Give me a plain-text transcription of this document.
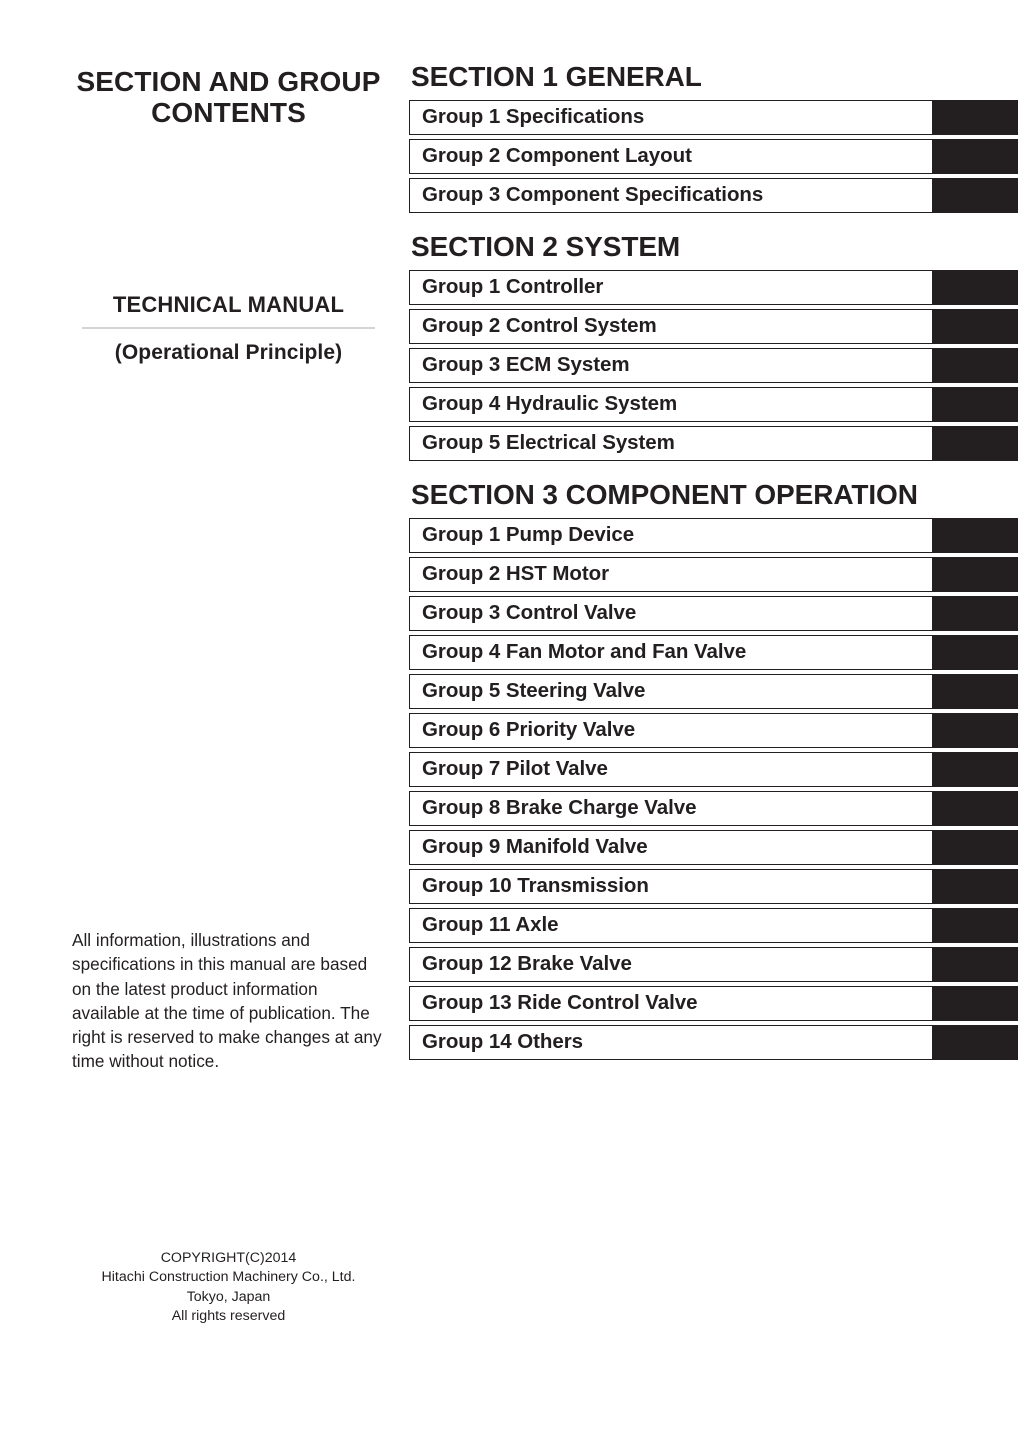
SECTION AND GROUP
CONTENTS
TECHNICAL MANUAL
(Operational Principle)
All information, illustrations and specifications in this manual are based on the latest product information available at the time of publication. The right is reserved to make changes at any time without notice.
COPYRIGHT(C)2014
Hitachi Construction Machinery Co., Ltd.
Tokyo, Japan
All rights reserved
SECTION 1 GENERAL
Group 1 Specifications
Group 2 Component Layout
Group 3 Component Specifications
SECTION 2 SYSTEM
Group 1 Controller
Group 2 Control System
Group 3 ECM System
Group 4 Hydraulic System
Group 5 Electrical System
SECTION 3 COMPONENT OPERATION
Group 1 Pump Device
Group 2 HST Motor
Group 3 Control Valve
Group 4 Fan Motor and Fan Valve
Group 5 Steering Valve
Group 6 Priority Valve
Group 7 Pilot Valve
Group 8 Brake Charge Valve
Group 9 Manifold Valve
Group 10 Transmission
Group 11 Axle
Group 12 Brake Valve
Group 13 Ride Control Valve
Group 14 Others
